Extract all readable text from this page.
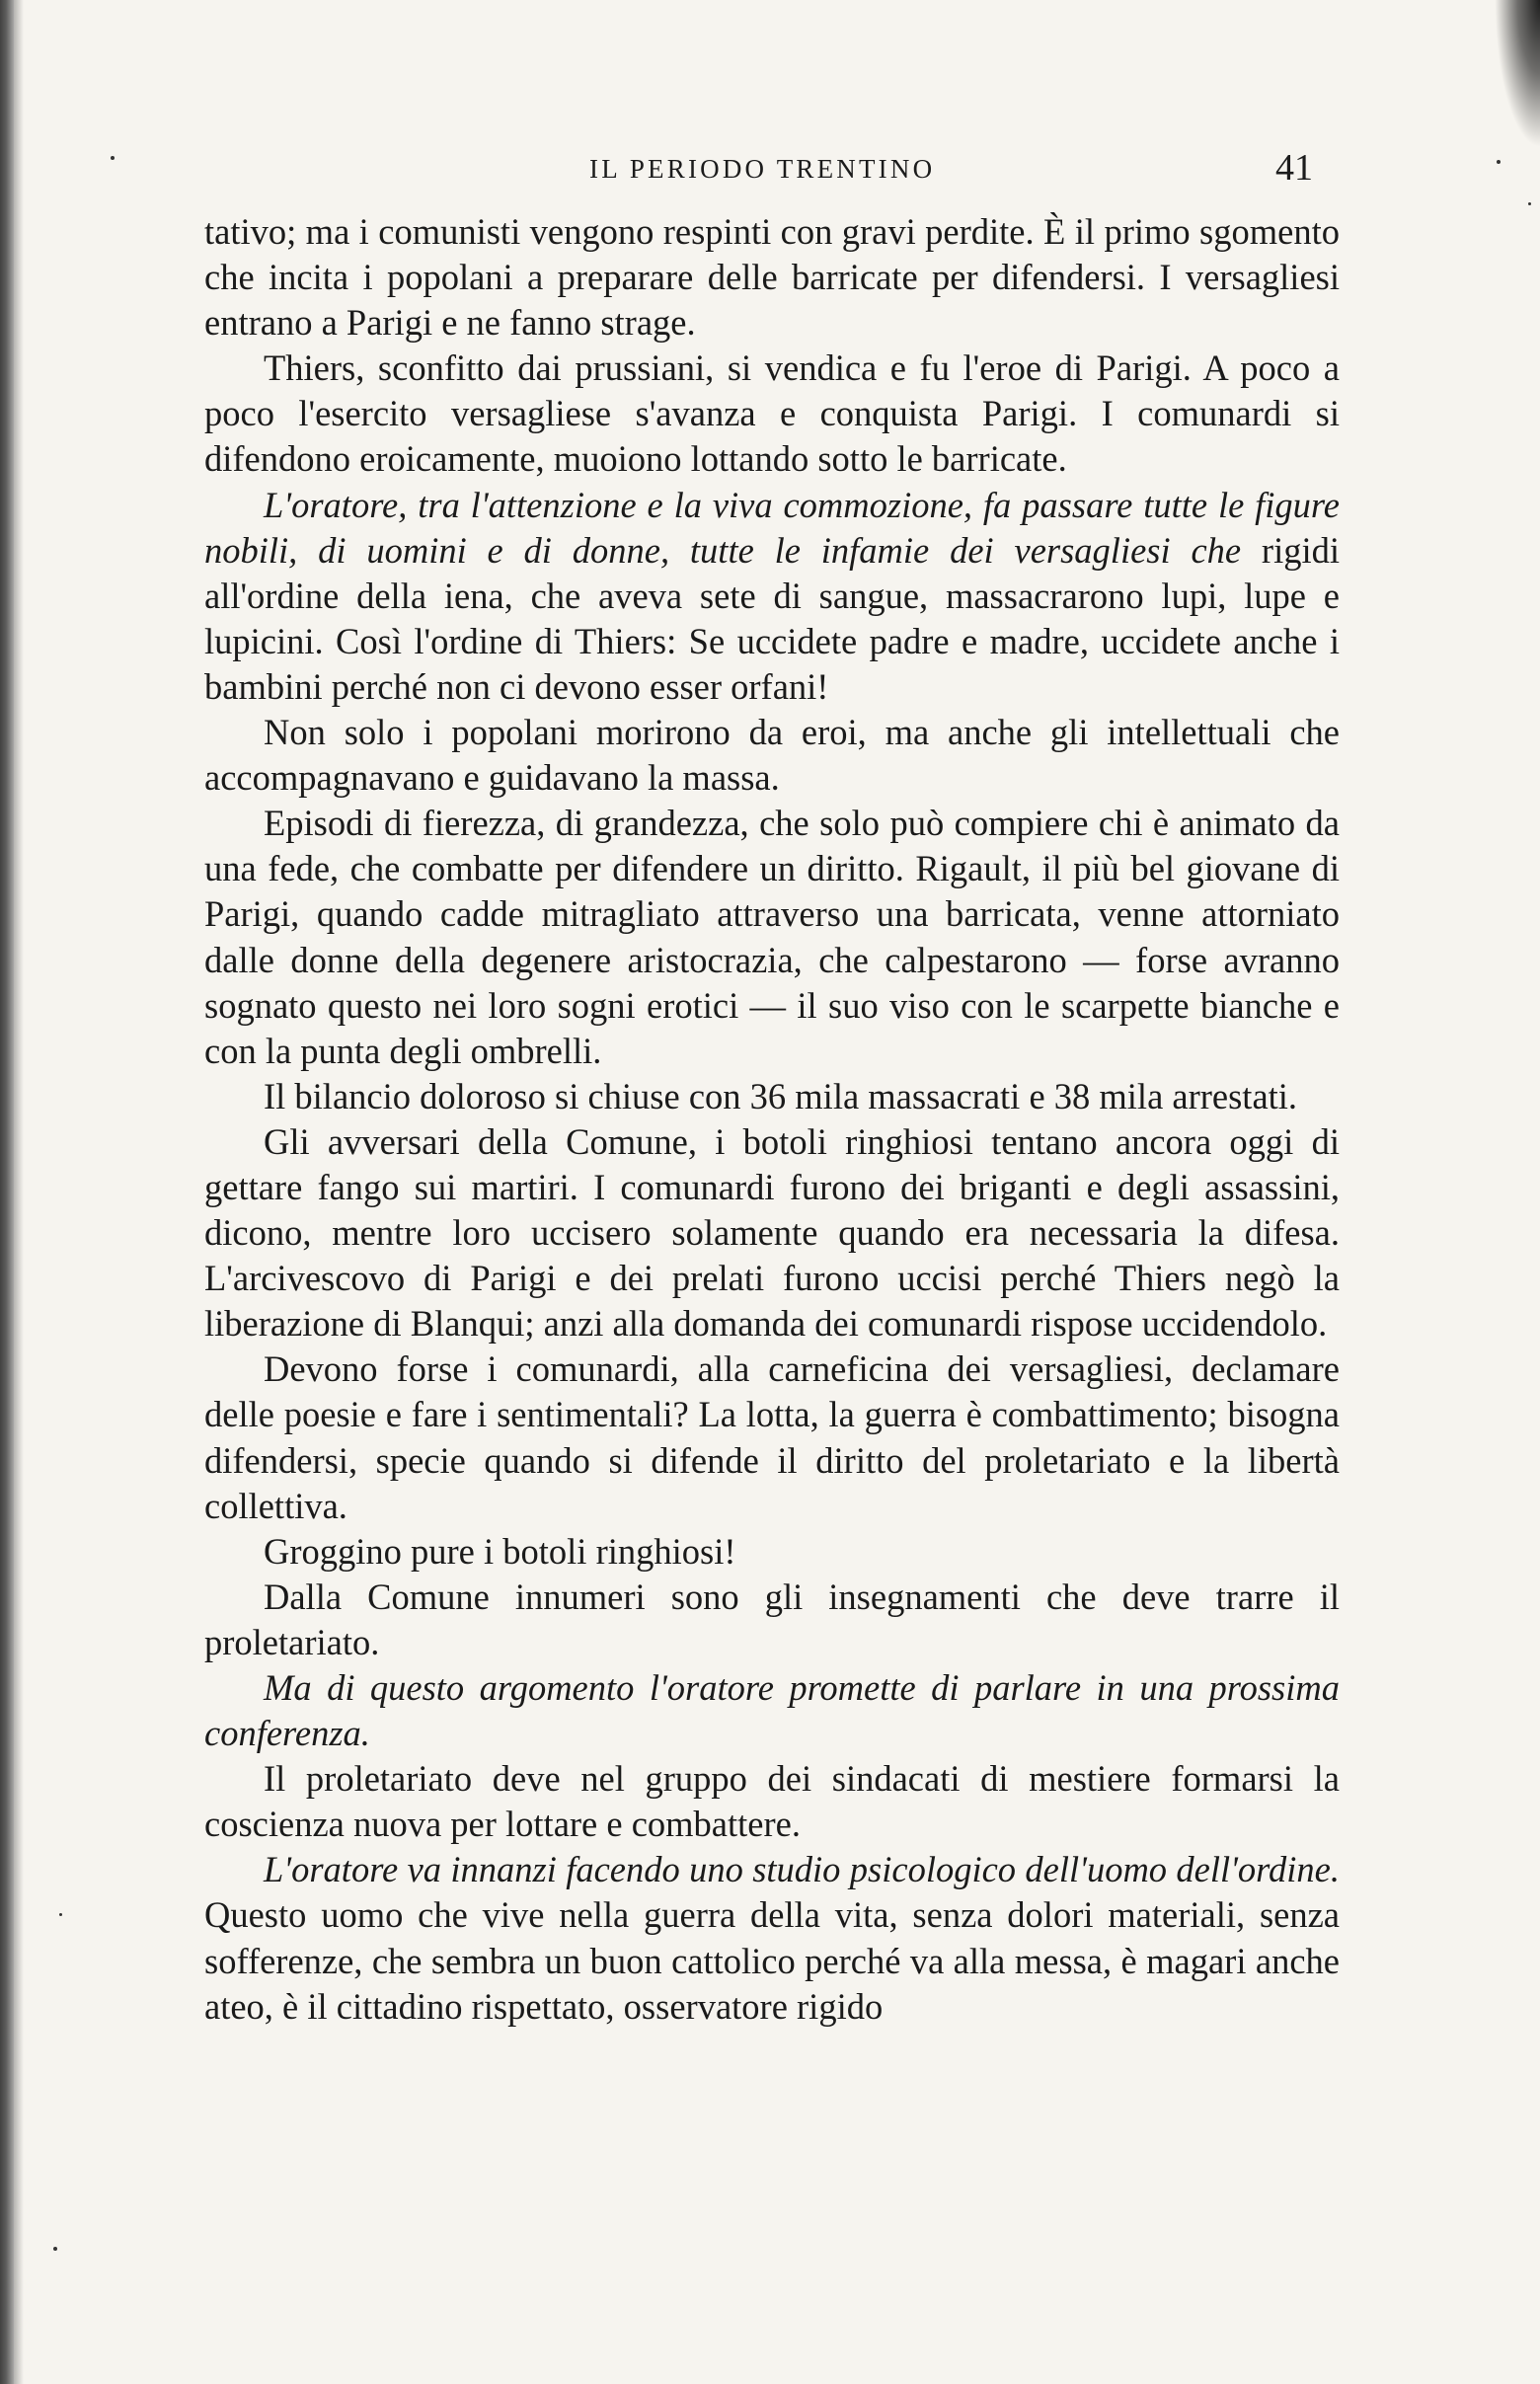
IL PERIODO TRENTINO	41

tativo; ma i comunisti vengono respinti con gravi perdite. È il primo sgomento che incita i popolani a preparare delle barricate per difendersi. I versagliesi entrano a Parigi e ne fanno strage.

Thiers, sconfitto dai prussiani, si vendica e fu l'eroe di Parigi. A poco a poco l'esercito versagliese s'avanza e conquista Parigi. I comunardi si difendono eroicamente, muoiono lottando sotto le barricate.

L'oratore, tra l'attenzione e la viva commozione, fa passare tutte le figure nobili, di uomini e di donne, tutte le infamie dei versagliesi che rigidi all'ordine della iena, che aveva sete di sangue, massacrarono lupi, lupe e lupicini. Così l'ordine di Thiers: Se uccidete padre e madre, uccidete anche i bambini perché non ci devono esser orfani!

Non solo i popolani morirono da eroi, ma anche gli intellettuali che accompagnavano e guidavano la massa.

Episodi di fierezza, di grandezza, che solo può compiere chi è animato da una fede, che combatte per difendere un diritto. Rigault, il più bel giovane di Parigi, quando cadde mitragliato attraverso una barricata, venne attorniato dalle donne della degenere aristocrazia, che calpestarono — forse avranno sognato questo nei loro sogni erotici — il suo viso con le scarpette bianche e con la punta degli ombrelli.

Il bilancio doloroso si chiuse con 36 mila massacrati e 38 mila arrestati.

Gli avversari della Comune, i botoli ringhiosi tentano ancora oggi di gettare fango sui martiri. I comunardi furono dei briganti e degli assassini, dicono, mentre loro uccisero solamente quando era necessaria la difesa. L'arcivescovo di Parigi e dei prelati furono uccisi perché Thiers negò la liberazione di Blanqui; anzi alla domanda dei comunardi rispose uccidendolo.

Devono forse i comunardi, alla carneficina dei versagliesi, declamare delle poesie e fare i sentimentali? La lotta, la guerra è combattimento; bisogna difendersi, specie quando si difende il diritto del proletariato e la libertà collettiva.

Groggino pure i botoli ringhiosi!

Dalla Comune innumeri sono gli insegnamenti che deve trarre il proletariato.

Ma di questo argomento l'oratore promette di parlare in una prossima conferenza.

Il proletariato deve nel gruppo dei sindacati di mestiere formarsi la coscienza nuova per lottare e combattere.

L'oratore va innanzi facendo uno studio psicologico dell'uomo dell'ordine. Questo uomo che vive nella guerra della vita, senza dolori materiali, senza sofferenze, che sembra un buon cattolico perché va alla messa, è magari anche ateo, è il cittadino rispettato, osservatore rigido
